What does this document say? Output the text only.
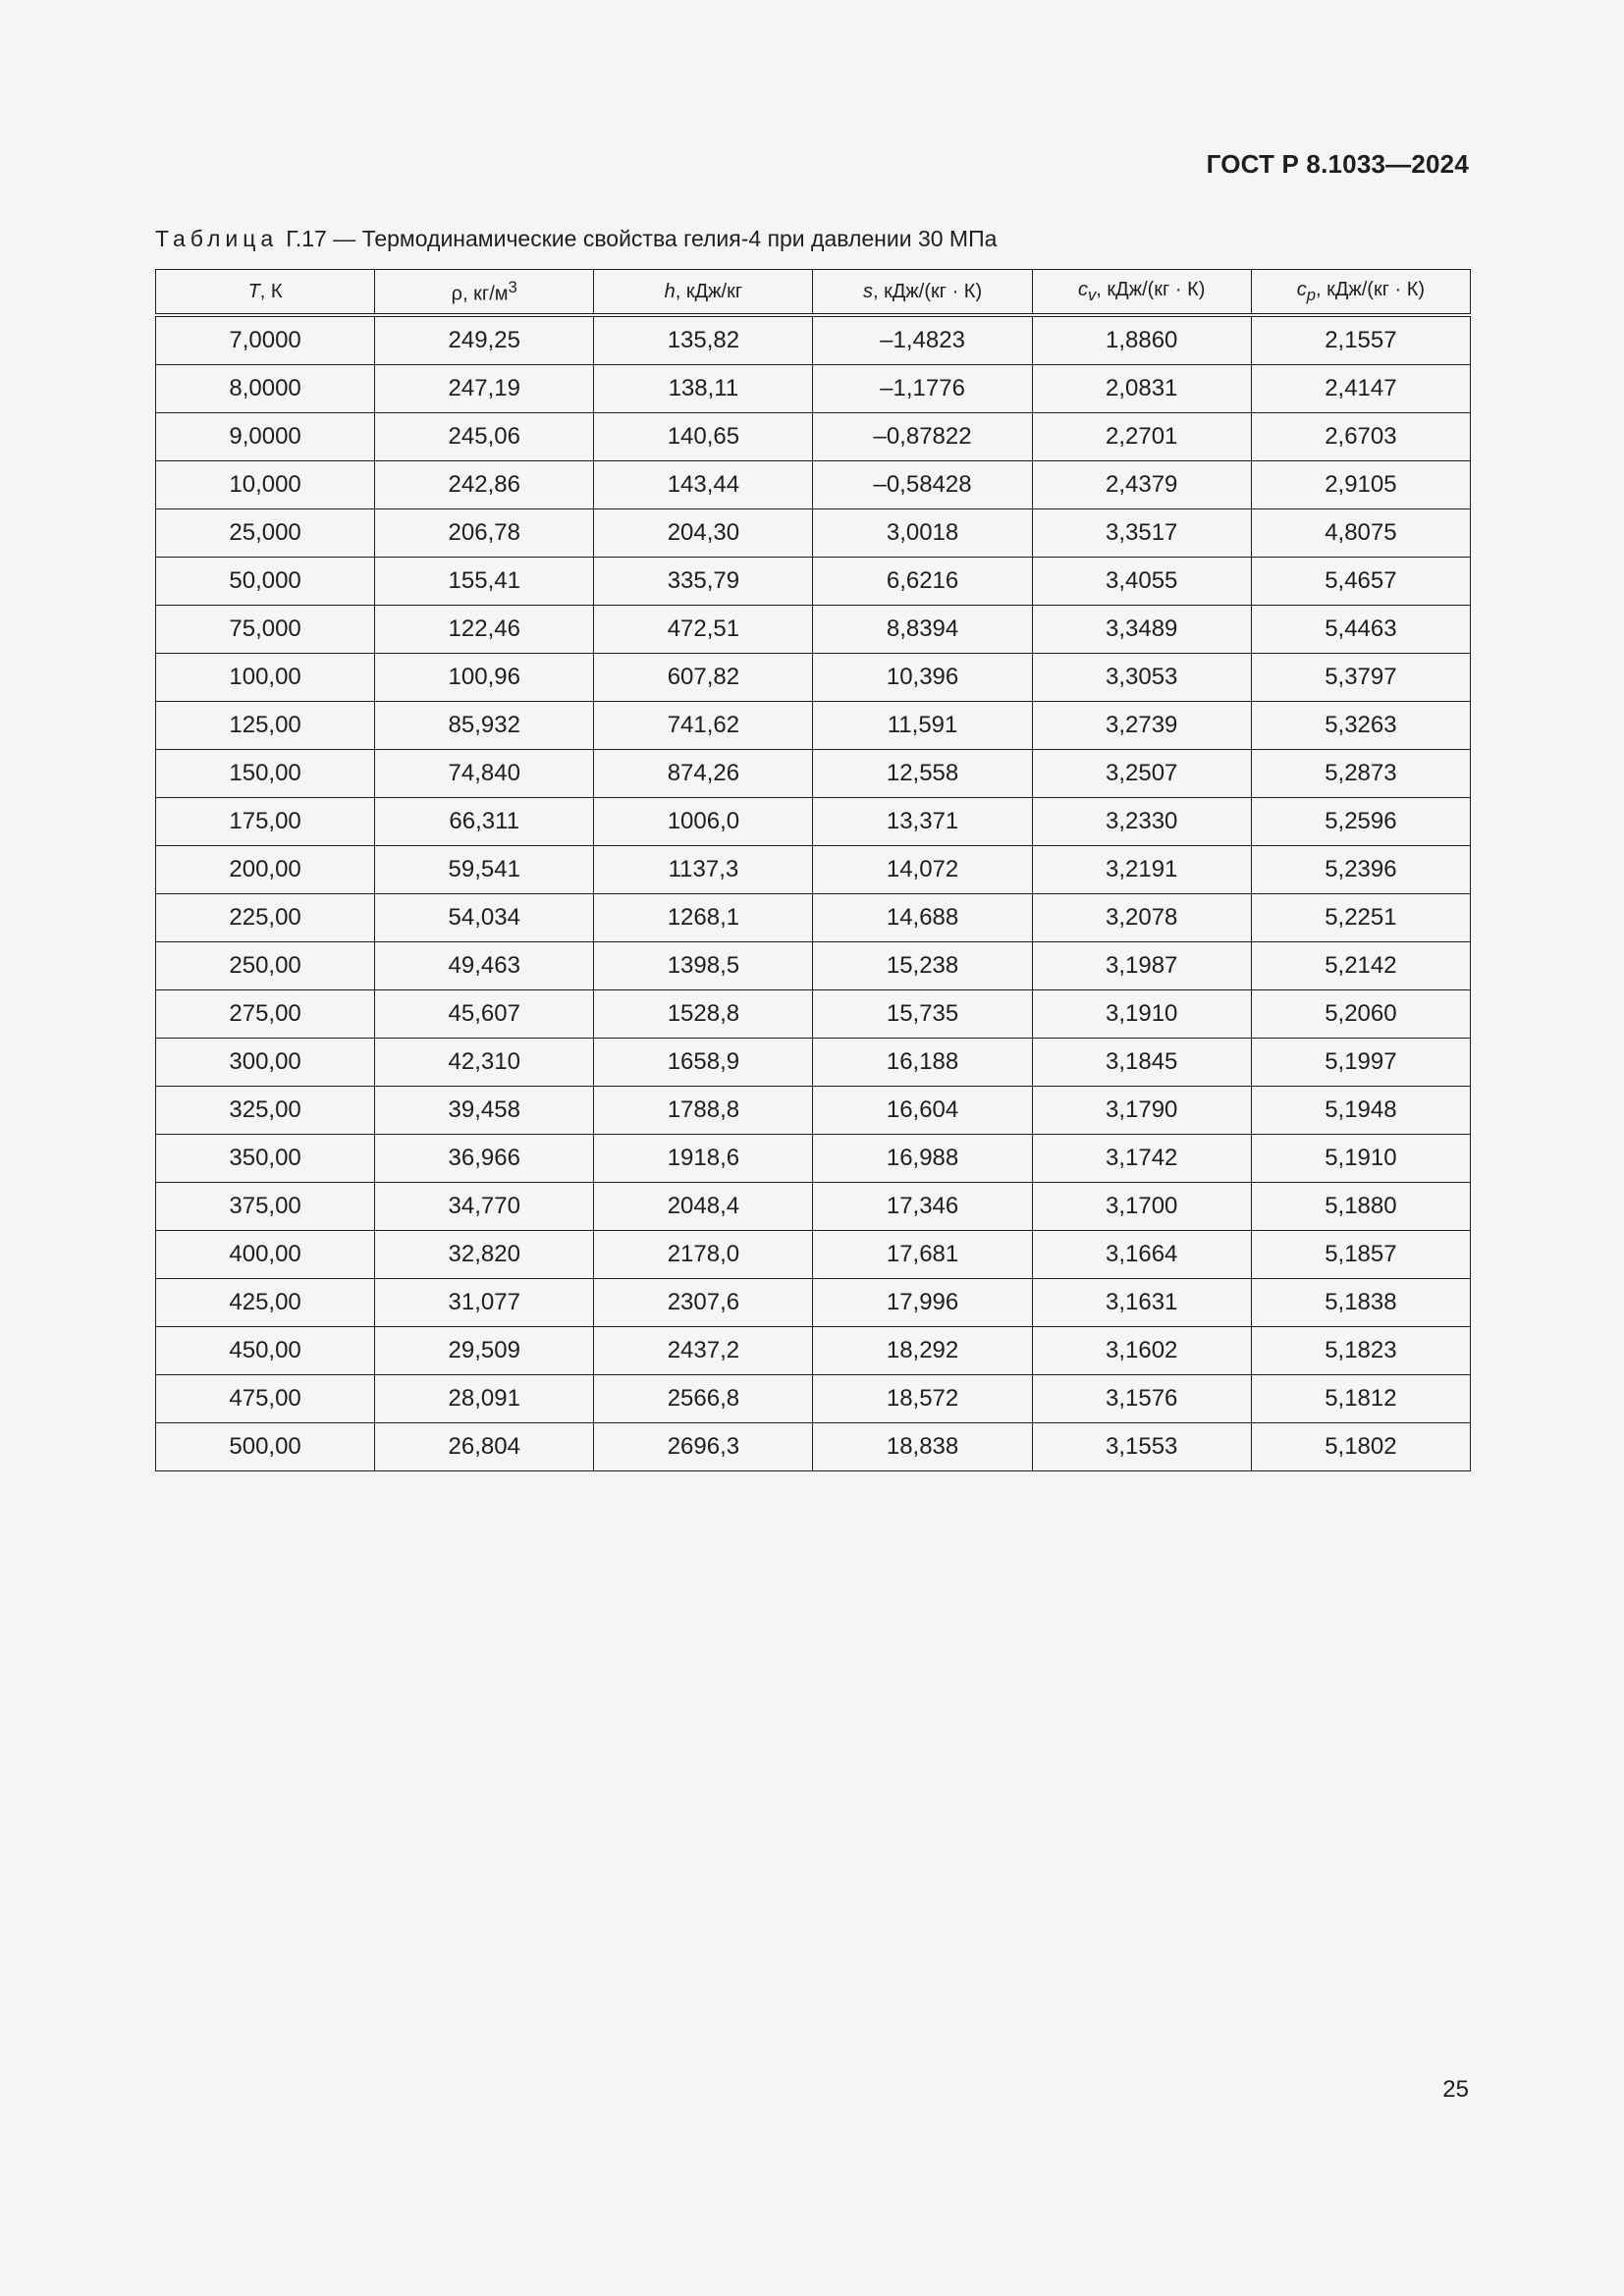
ГОСТ Р 8.1033—2024
Таблица Г.17 — Термодинамические свойства гелия-4 при давлении 30 МПа
T, К	ρ, $кг/м^3$	h, кДж/кг	s, кДж/(кг · К)	$c_v$, кДж/(кг · К)	$c_p$, кДж/(кг · К)
7,0000	249,25	135,82	–1,4823	1,8860	2,1557
8,0000	247,19	138,11	–1,1776	2,0831	2,4147
9,0000	245,06	140,65	–0,87822	2,2701	2,6703
10,000	242,86	143,44	–0,58428	2,4379	2,9105
25,000	206,78	204,30	3,0018	3,3517	4,8075
50,000	155,41	335,79	6,6216	3,4055	5,4657
75,000	122,46	472,51	8,8394	3,3489	5,4463
100,00	100,96	607,82	10,396	3,3053	5,3797
125,00	85,932	741,62	11,591	3,2739	5,3263
150,00	74,840	874,26	12,558	3,2507	5,2873
175,00	66,311	1006,0	13,371	3,2330	5,2596
200,00	59,541	1137,3	14,072	3,2191	5,2396
225,00	54,034	1268,1	14,688	3,2078	5,2251
250,00	49,463	1398,5	15,238	3,1987	5,2142
275,00	45,607	1528,8	15,735	3,1910	5,2060
300,00	42,310	1658,9	16,188	3,1845	5,1997
325,00	39,458	1788,8	16,604	3,1790	5,1948
350,00	36,966	1918,6	16,988	3,1742	5,1910
375,00	34,770	2048,4	17,346	3,1700	5,1880
400,00	32,820	2178,0	17,681	3,1664	5,1857
425,00	31,077	2307,6	17,996	3,1631	5,1838
450,00	29,509	2437,2	18,292	3,1602	5,1823
475,00	28,091	2566,8	18,572	3,1576	5,1812
500,00	26,804	2696,3	18,838	3,1553	5,1802
25
